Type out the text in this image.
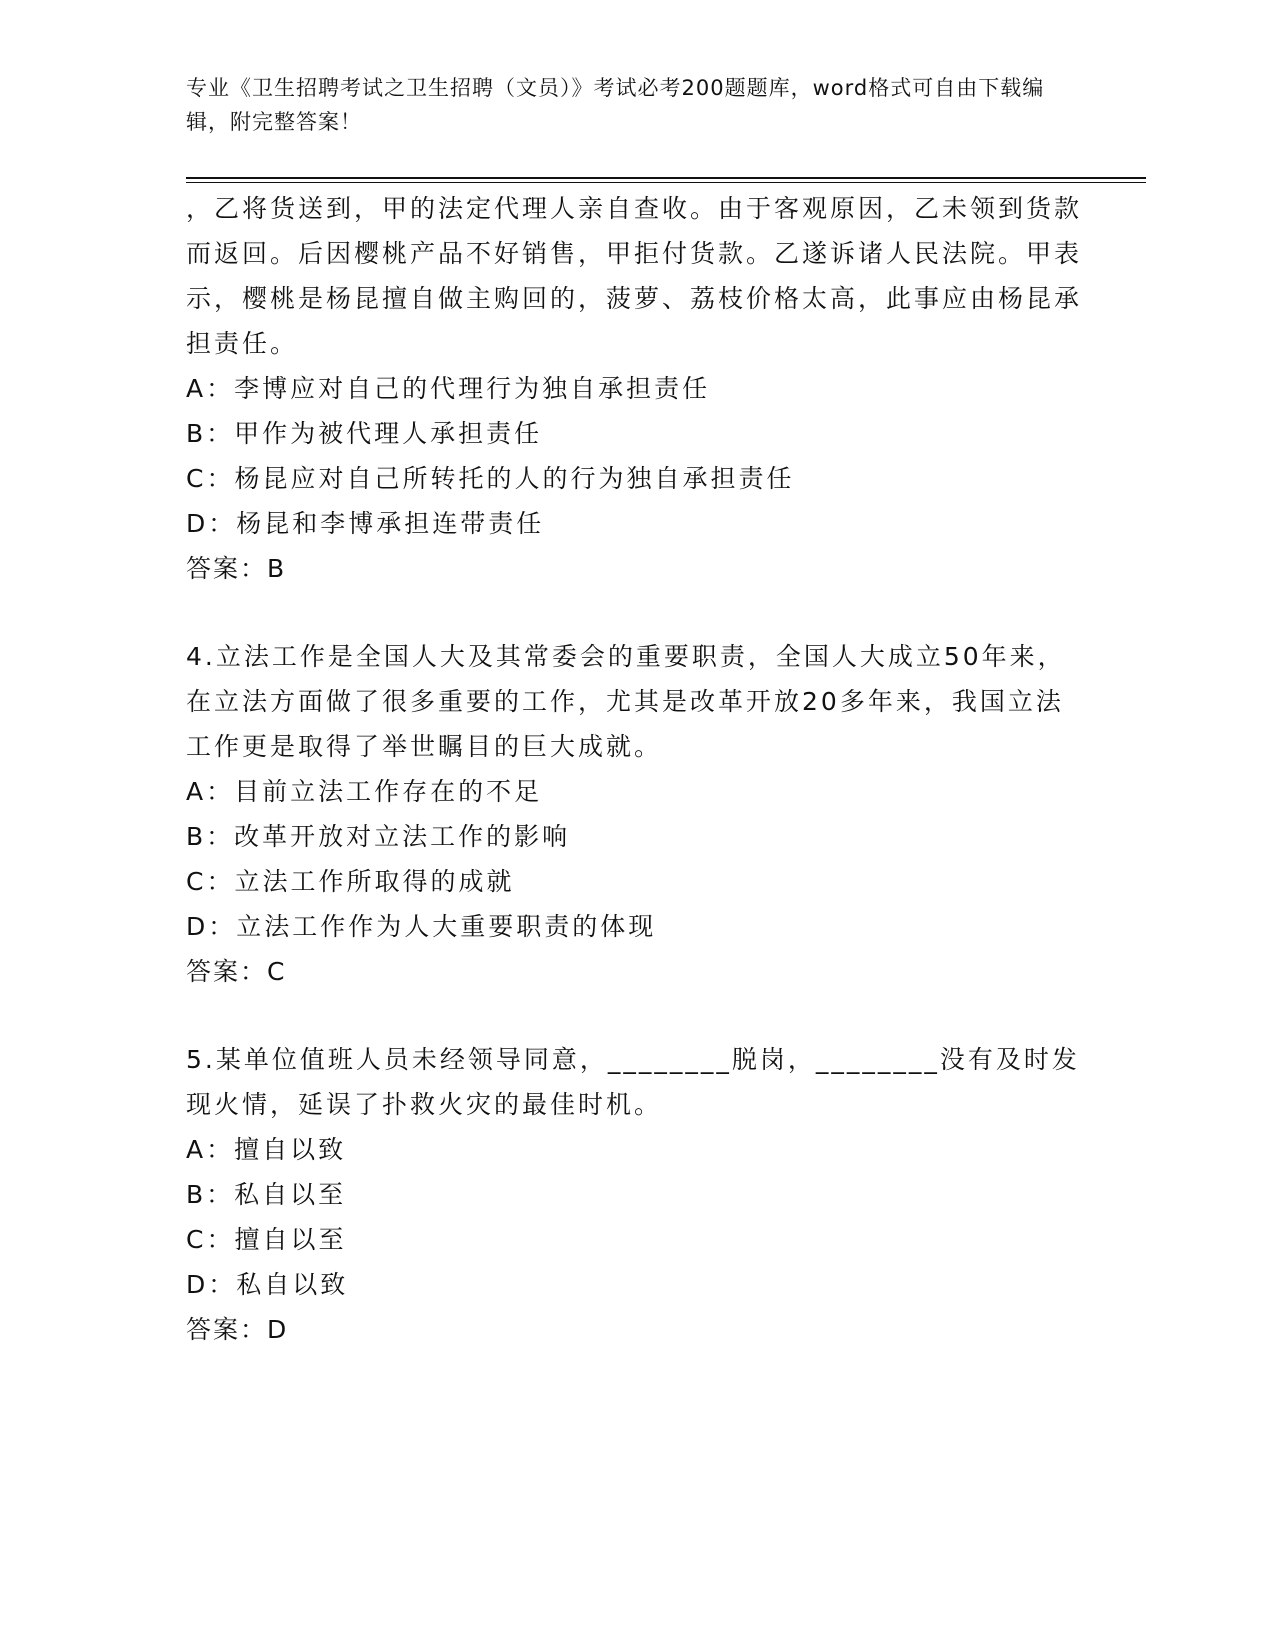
专业《卫生招聘考试之卫生招聘（文员）》考试必考200题题库，word格式可自由下载编辑，附完整答案！
，乙将货送到，甲的法定代理人亲自查收。由于客观原因，乙未领到货款而返回。后因樱桃产品不好销售，甲拒付货款。乙遂诉诸人民法院。甲表示，樱桃是杨昆擅自做主购回的，菠萝、荔枝价格太高，此事应由杨昆承担责任。
A：李博应对自己的代理行为独自承担责任
B：甲作为被代理人承担责任
C：杨昆应对自己所转托的人的行为独自承担责任
D：杨昆和李博承担连带责任
答案：B
4.立法工作是全国人大及其常委会的重要职责，全国人大成立50年来，在立法方面做了很多重要的工作，尤其是改革开放20多年来，我国立法工作更是取得了举世瞩目的巨大成就。
A：目前立法工作存在的不足
B：改革开放对立法工作的影响
C：立法工作所取得的成就
D：立法工作作为人大重要职责的体现
答案：C
5.某单位值班人员未经领导同意，________脱岗，________没有及时发现火情，延误了扑救火灾的最佳时机。
A：擅自以致
B：私自以至
C：擅自以至
D：私自以致
答案：D
